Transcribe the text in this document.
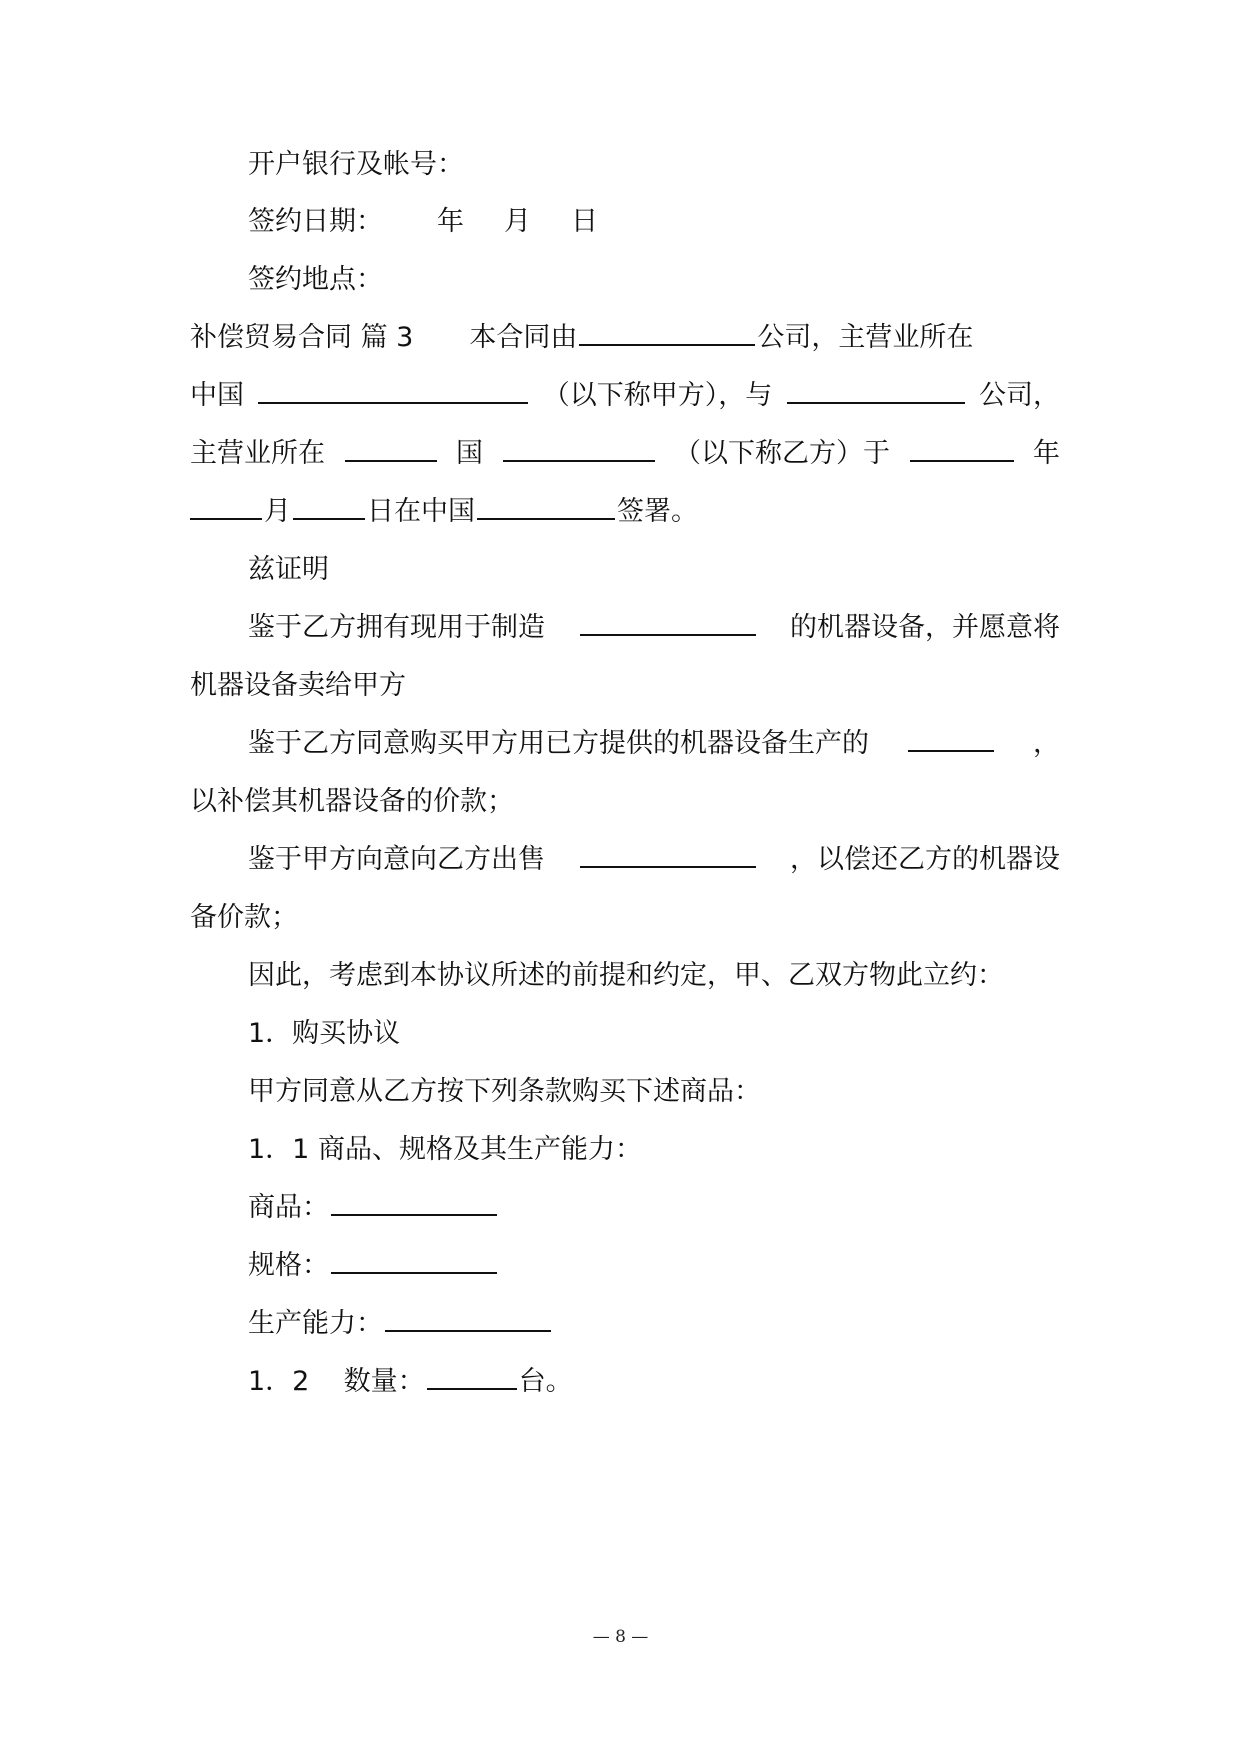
开户银行及帐号：
签约日期： 年 月 日
签约地点：
补偿贸易合同 篇 3 本合同由	公司，主营业所在
中国	（以下称甲方），与	公司，
主营业所在	国	（以下称乙方）于	年
月	日在中国	签署。
兹证明
鉴于乙方拥有现用于制造	的机器设备，并愿意将
机器设备卖给甲方
鉴于乙方同意购买甲方用已方提供的机器设备生产的	，
以补偿其机器设备的价款；
鉴于甲方向意向乙方出售	，以偿还乙方的机器设
备价款；
因此，考虑到本协议所述的前提和约定，甲、乙双方物此立约：
1．购买协议
甲方同意从乙方按下列条款购买下述商品：
1．1 商品、规格及其生产能力：
商品：
规格：
生产能力：
1．2    数量：	台。
— 8 —
